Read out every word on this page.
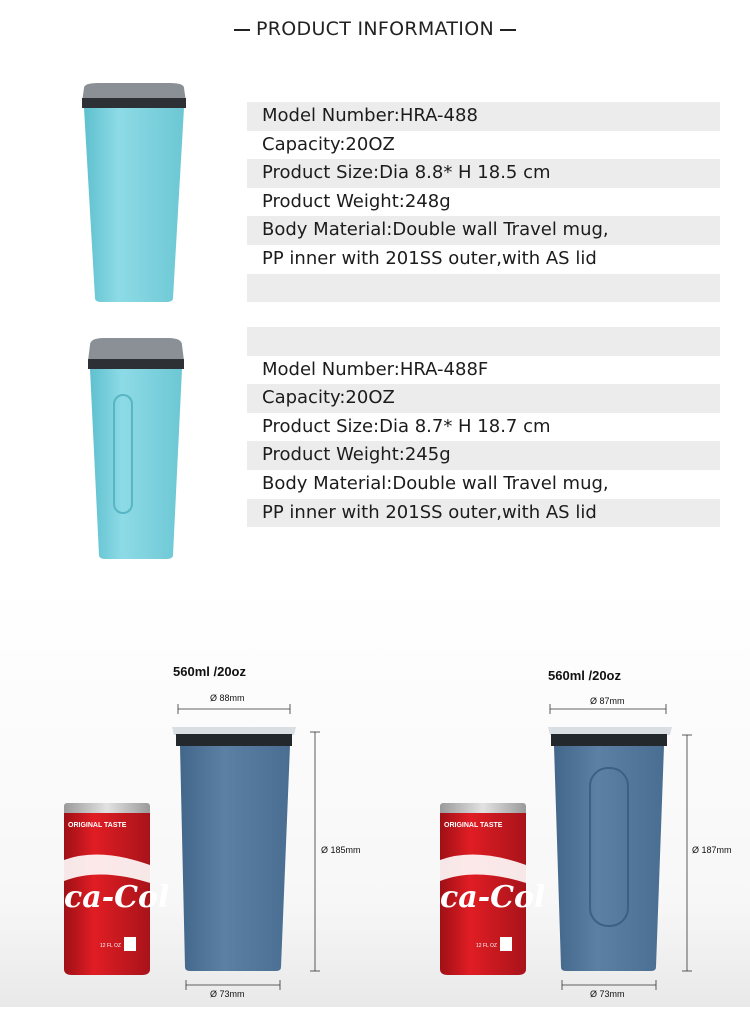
PRODUCT INFORMATION
Model Number:HRA-488
Capacity:20OZ
Product Size:Dia 8.8* H 18.5 cm
Product Weight:248g
Body Material:Double wall Travel mug,
PP inner with 201SS outer,with AS lid
Model Number:HRA-488F
Capacity:20OZ
Product Size:Dia 8.7* H 18.7 cm
Product Weight:245g
Body Material:Double wall Travel mug,
PP inner with 201SS outer,with AS lid
ORIGINAL TASTE
ca-Col
12 FL OZ
ORIGINAL TASTE
ca-Col
12 FL OZ
560ml /20oz
Ø 88mm
Ø 185mm
Ø 73mm
560ml /20oz
Ø 87mm
Ø 187mm
Ø 73mm
